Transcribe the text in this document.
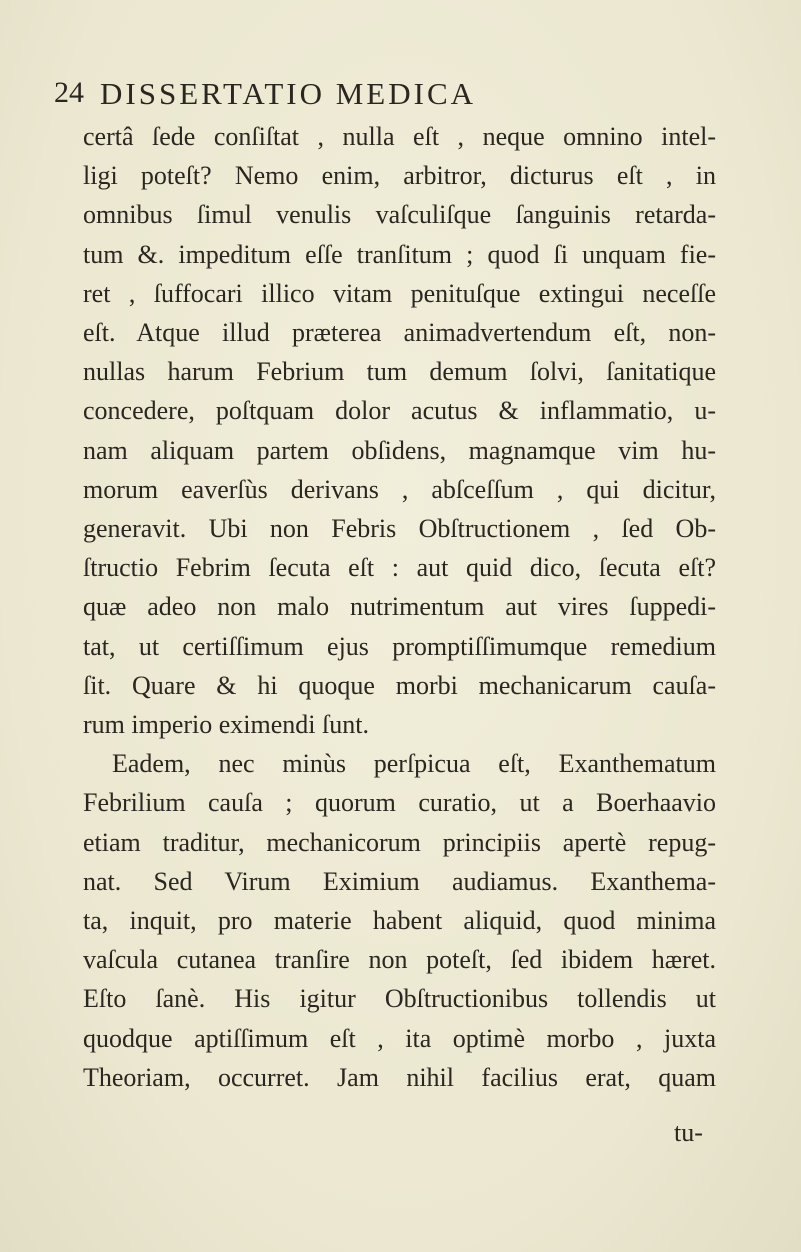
24 DISSERTATIO MEDICA
certâ ſede conſiſtat , nulla eſt , neque omnino intel-
ligi poteſt? Nemo enim, arbitror, dicturus eſt , in
omnibus ſimul venulis vaſculiſque ſanguinis retarda-
tum &. impeditum eſſe tranſitum ; quod ſi unquam fie-
ret , ſuffocari illico vitam penituſque extingui neceſſe
eſt. Atque illud præterea animadvertendum eſt, non-
nullas harum Febrium tum demum ſolvi, ſanitatique
concedere, poſtquam dolor acutus & inflammatio, u-
nam aliquam partem obſidens, magnamque vim hu-
morum eaverſùs derivans , abſceſſum , qui dicitur,
generavit. Ubi non Febris Obſtructionem , ſed Ob-
ſtructio Febrim ſecuta eſt : aut quid dico, ſecuta eſt?
quæ adeo non malo nutrimentum aut vires ſuppedi-
tat, ut certiſſimum ejus promptiſſimumque remedium
ſit. Quare & hi quoque morbi mechanicarum cauſa-
rum imperio eximendi ſunt.
Eadem, nec minùs perſpicua eſt, Exanthematum
Febrilium cauſa ; quorum curatio, ut a Boerhaavio
etiam traditur, mechanicorum principiis apertè repug-
nat. Sed Virum Eximium audiamus. Exanthema-
ta, inquit, pro materie habent aliquid, quod minima
vaſcula cutanea tranſire non poteſt, ſed ibidem hæret.
Eſto ſanè. His igitur Obſtructionibus tollendis ut
quodque aptiſſimum eſt , ita optimè morbo , juxta
Theoriam, occurret. Jam nihil facilius erat, quam
tu-
